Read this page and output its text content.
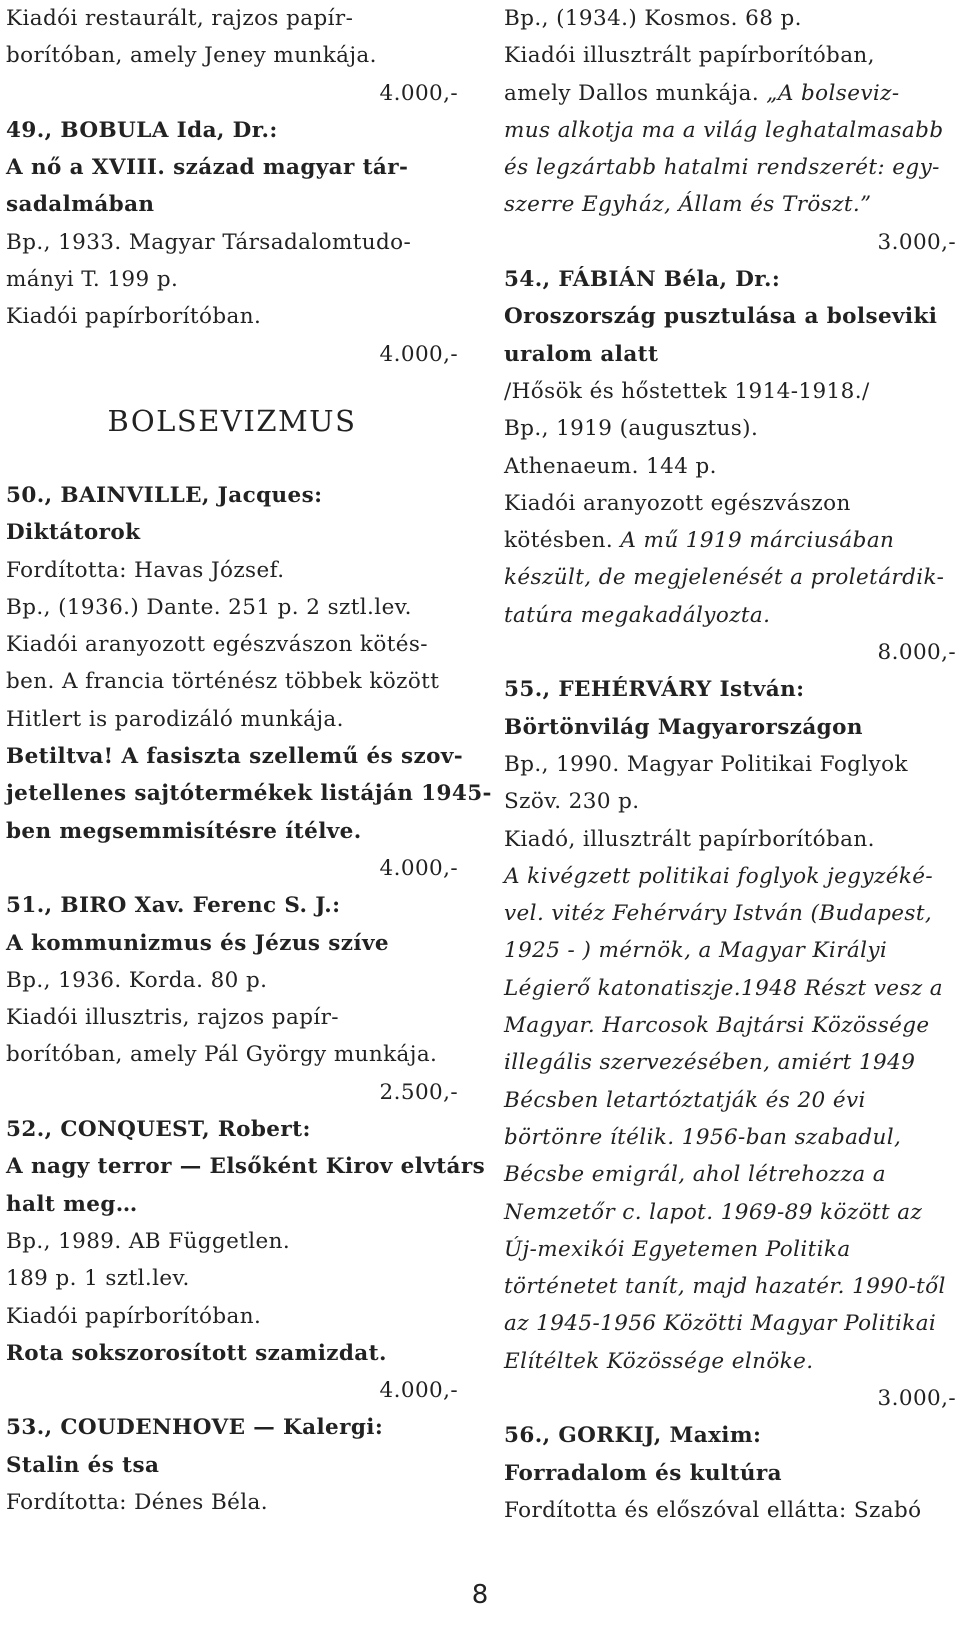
Kiadói restaurált, rajzos papír-
borítóban, amely Jeney munkája.
4.000,-
49., BOBULA Ida, Dr.:
A nő a XVIII. század magyar tár-
sadalmában
Bp., 1933. Magyar Társadalomtudo-
mányi T. 199 p.
Kiadói papírborítóban.
4.000,-
BOLSEVIZMUS
50., BAINVILLE, Jacques:
Diktátorok
Fordította: Havas József.
Bp., (1936.) Dante. 251 p. 2 sztl.lev.
Kiadói aranyozott egészvászon kötés-
ben. A francia történész többek között
Hitlert is parodizáló munkája.
Betiltva! A fasiszta szellemű és szov-
jetellenes sajtótermékek listáján 1945-
ben megsemmisítésre ítélve.
4.000,-
51., BIRO Xav. Ferenc S. J.:
A kommunizmus és Jézus szíve
Bp., 1936. Korda. 80 p.
Kiadói illusztris, rajzos papír-
borítóban, amely Pál György munkája.
2.500,-
52., CONQUEST, Robert:
A nagy terror — Elsőként Kirov elvtárs
halt meg…
Bp., 1989. AB Független.
189 p. 1 sztl.lev.
Kiadói papírborítóban.
Rota sokszorosított szamizdat.
4.000,-
53., COUDENHOVE — Kalergi:
Stalin és tsa
Fordította: Dénes Béla.
Bp., (1934.) Kosmos. 68 p.
Kiadói illusztrált papírborítóban,
amely Dallos munkája. „A bolseviz-
mus alkotja ma a világ leghatalmasabb
és legzártabb hatalmi rendszerét: egy-
szerre Egyház, Állam és Tröszt.”
3.000,-
54., FÁBIÁN Béla, Dr.:
Oroszország pusztulása a bolseviki
uralom alatt
/Hősök és hőstettek 1914-1918./
Bp., 1919 (augusztus).
Athenaeum. 144 p.
Kiadói aranyozott egészvászon
kötésben. A mű 1919 márciusában
készült, de megjelenését a proletárdik-
tatúra megakadályozta.
8.000,-
55., FEHÉRVÁRY István:
Börtönvilág Magyarországon
Bp., 1990. Magyar Politikai Foglyok
Szöv. 230 p.
Kiadó, illusztrált papírborítóban.
A kivégzett politikai foglyok jegyzéké-
vel. vitéz Fehérváry István (Budapest,
1925 - ) mérnök, a Magyar Királyi
Légierő katonatiszje.1948 Részt vesz a
Magyar. Harcosok Bajtársi Közössége
illegális szervezésében, amiért 1949
Bécsben letartóztatják és 20 évi
börtönre ítélik. 1956-ban szabadul,
Bécsbe emigrál, ahol létrehozza a
Nemzetőr c. lapot. 1969-89 között az
Új-mexikói Egyetemen Politika
történetet tanít, majd hazatér. 1990-től
az 1945-1956 Közötti Magyar Politikai
Elítéltek Közössége elnöke.
3.000,-
56., GORKIJ, Maxim:
Forradalom és kultúra
Fordította és előszóval ellátta: Szabó
8
